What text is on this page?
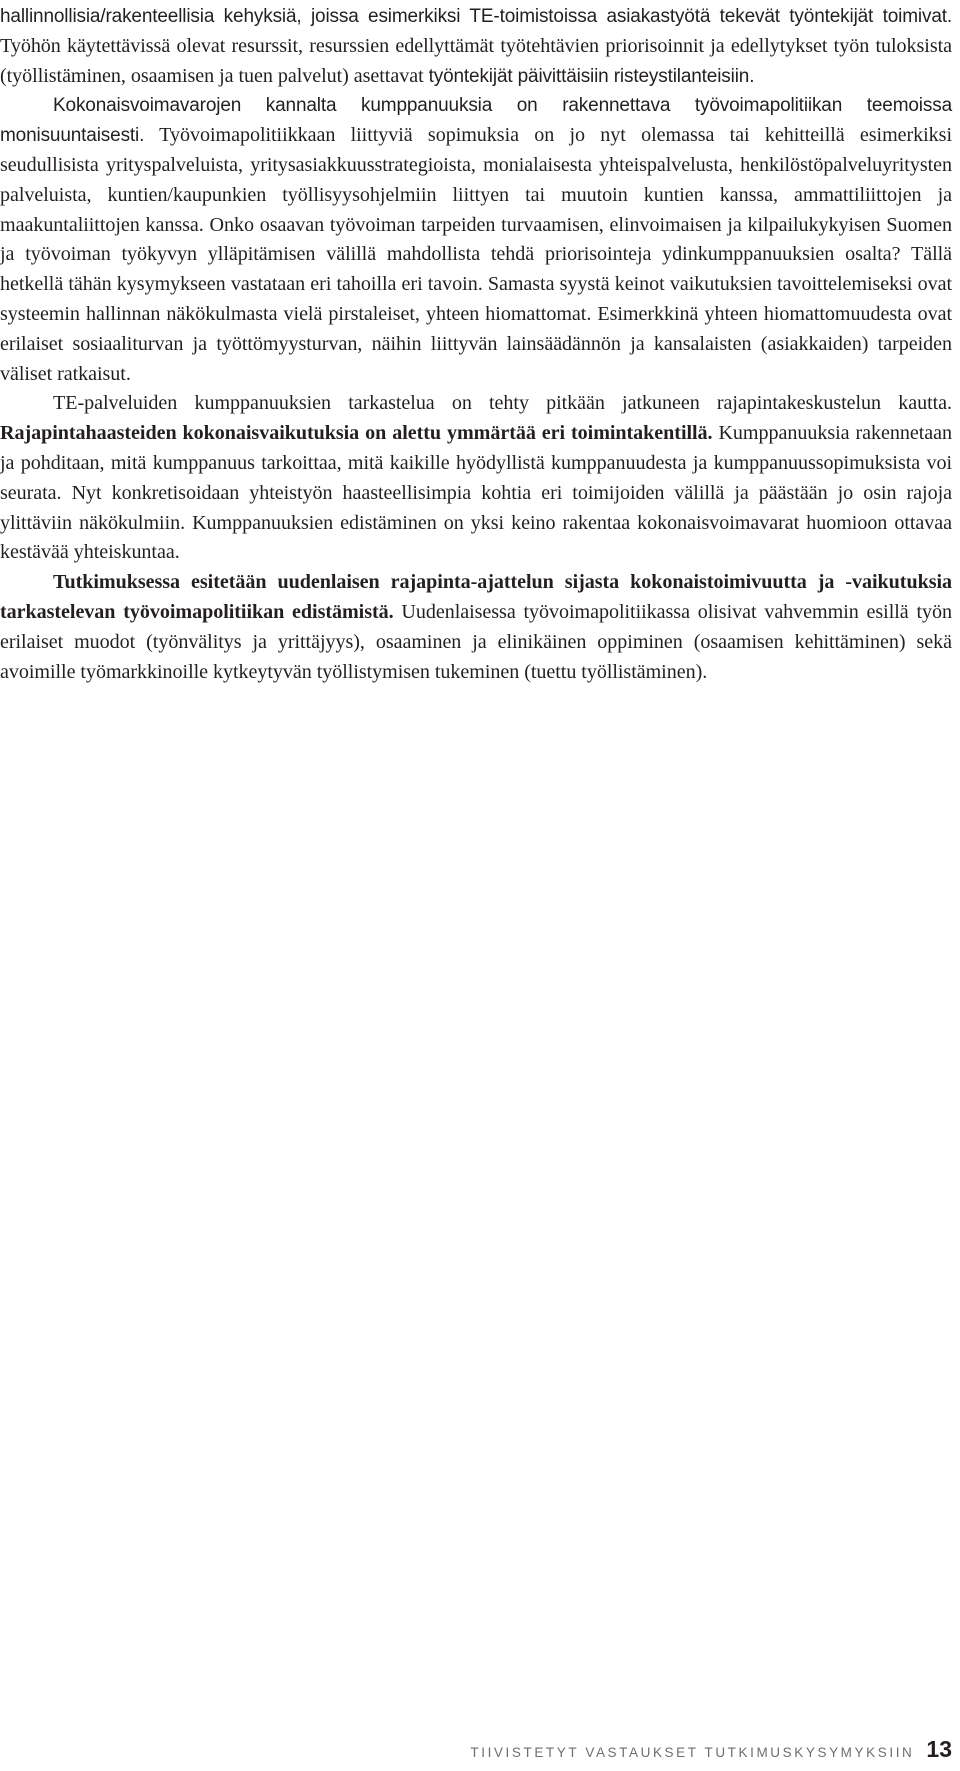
hallinnollisia/rakenteellisia kehyksiä, joissa esimerkiksi TE-toimistoissa asiakastyötä tekevät työntekijät toimivat. Työhön käytettävissä olevat resurssit, resurssien edellyttämät työtehtävien priorisoinnit ja edellytykset työn tuloksista (työllistäminen, osaamisen ja tuen palvelut) asettavat työntekijät päivittäisiin risteystilanteisiin.

Kokonaisvoimavarojen kannalta kumppanuuksia on rakennettava työvoimapolitiikan teemoissa monisuuntaisesti. Työvoimapolitiikkaan liittyviä sopimuksia on jo nyt olemassa tai kehitteillä esimerkiksi seudullisista yrityspalveluista, yritysasiakkuusstrategioista, monialaisesta yhteispalvelusta, henkilöstöpalveluyritysten palveluista, kuntien/kaupunkien työllisyysohjelmiin liittyen tai muutoin kuntien kanssa, ammattiliittojen ja maakuntaliittojen kanssa. Onko osaavan työvoiman tarpeiden turvaamisen, elinvoimaisen ja kilpailukykyisen Suomen ja työvoiman työkyvyn ylläpitämisen välillä mahdollista tehdä priorisointeja ydinkumppanuuksien osalta? Tällä hetkellä tähän kysymykseen vastataan eri tahoilla eri tavoin. Samasta syystä keinot vaikutuksien tavoittelemiseksi ovat systeemin hallinnan näkökulmasta vielä pirstaleiset, yhteen hiomattomat. Esimerkkinä yhteen hiomattomuudesta ovat erilaiset sosiaaliturvan ja työttömyysturvan, näihin liittyvän lainsäädännön ja kansalaisten (asiakkaiden) tarpeiden väliset ratkaisut.

TE-palveluiden kumppanuuksien tarkastelua on tehty pitkään jatkuneen rajapintakeskustelun kautta. Rajapintahaasteiden kokonaisvaikutuksia on alettu ymmärtää eri toimintakentillä. Kumppanuuksia rakennetaan ja pohditaan, mitä kumppanuus tarkoittaa, mitä kaikille hyödyllistä kumppanuudesta ja kumppanuussopimuksista voi seurata. Nyt konkretisoidaan yhteistyön haasteellisimpia kohtia eri toimijoiden välillä ja päästään jo osin rajoja ylittäviin näkökulmiin. Kumppanuuksien edistäminen on yksi keino rakentaa kokonaisvoimavarat huomioon ottavaa kestävää yhteiskuntaa.

Tutkimuksessa esitetään uudenlaisen rajapinta-ajattelun sijasta kokonaistoimivuutta ja -vaikutuksia tarkastelevan työvoimapolitiikan edistämistä. Uudenlaisessa työvoimapolitiikassa olisivat vahvemmin esillä työn erilaiset muodot (työnvälitys ja yrittäjyys), osaaminen ja elinikäinen oppiminen (osaamisen kehittäminen) sekä avoimille työmarkkinoille kytkeytyvän työllistymisen tukeminen (tuettu työllistäminen).

TIIVISTETYT VASTAUKSET TUTKIMUSKYSYMYKSIIN 13
